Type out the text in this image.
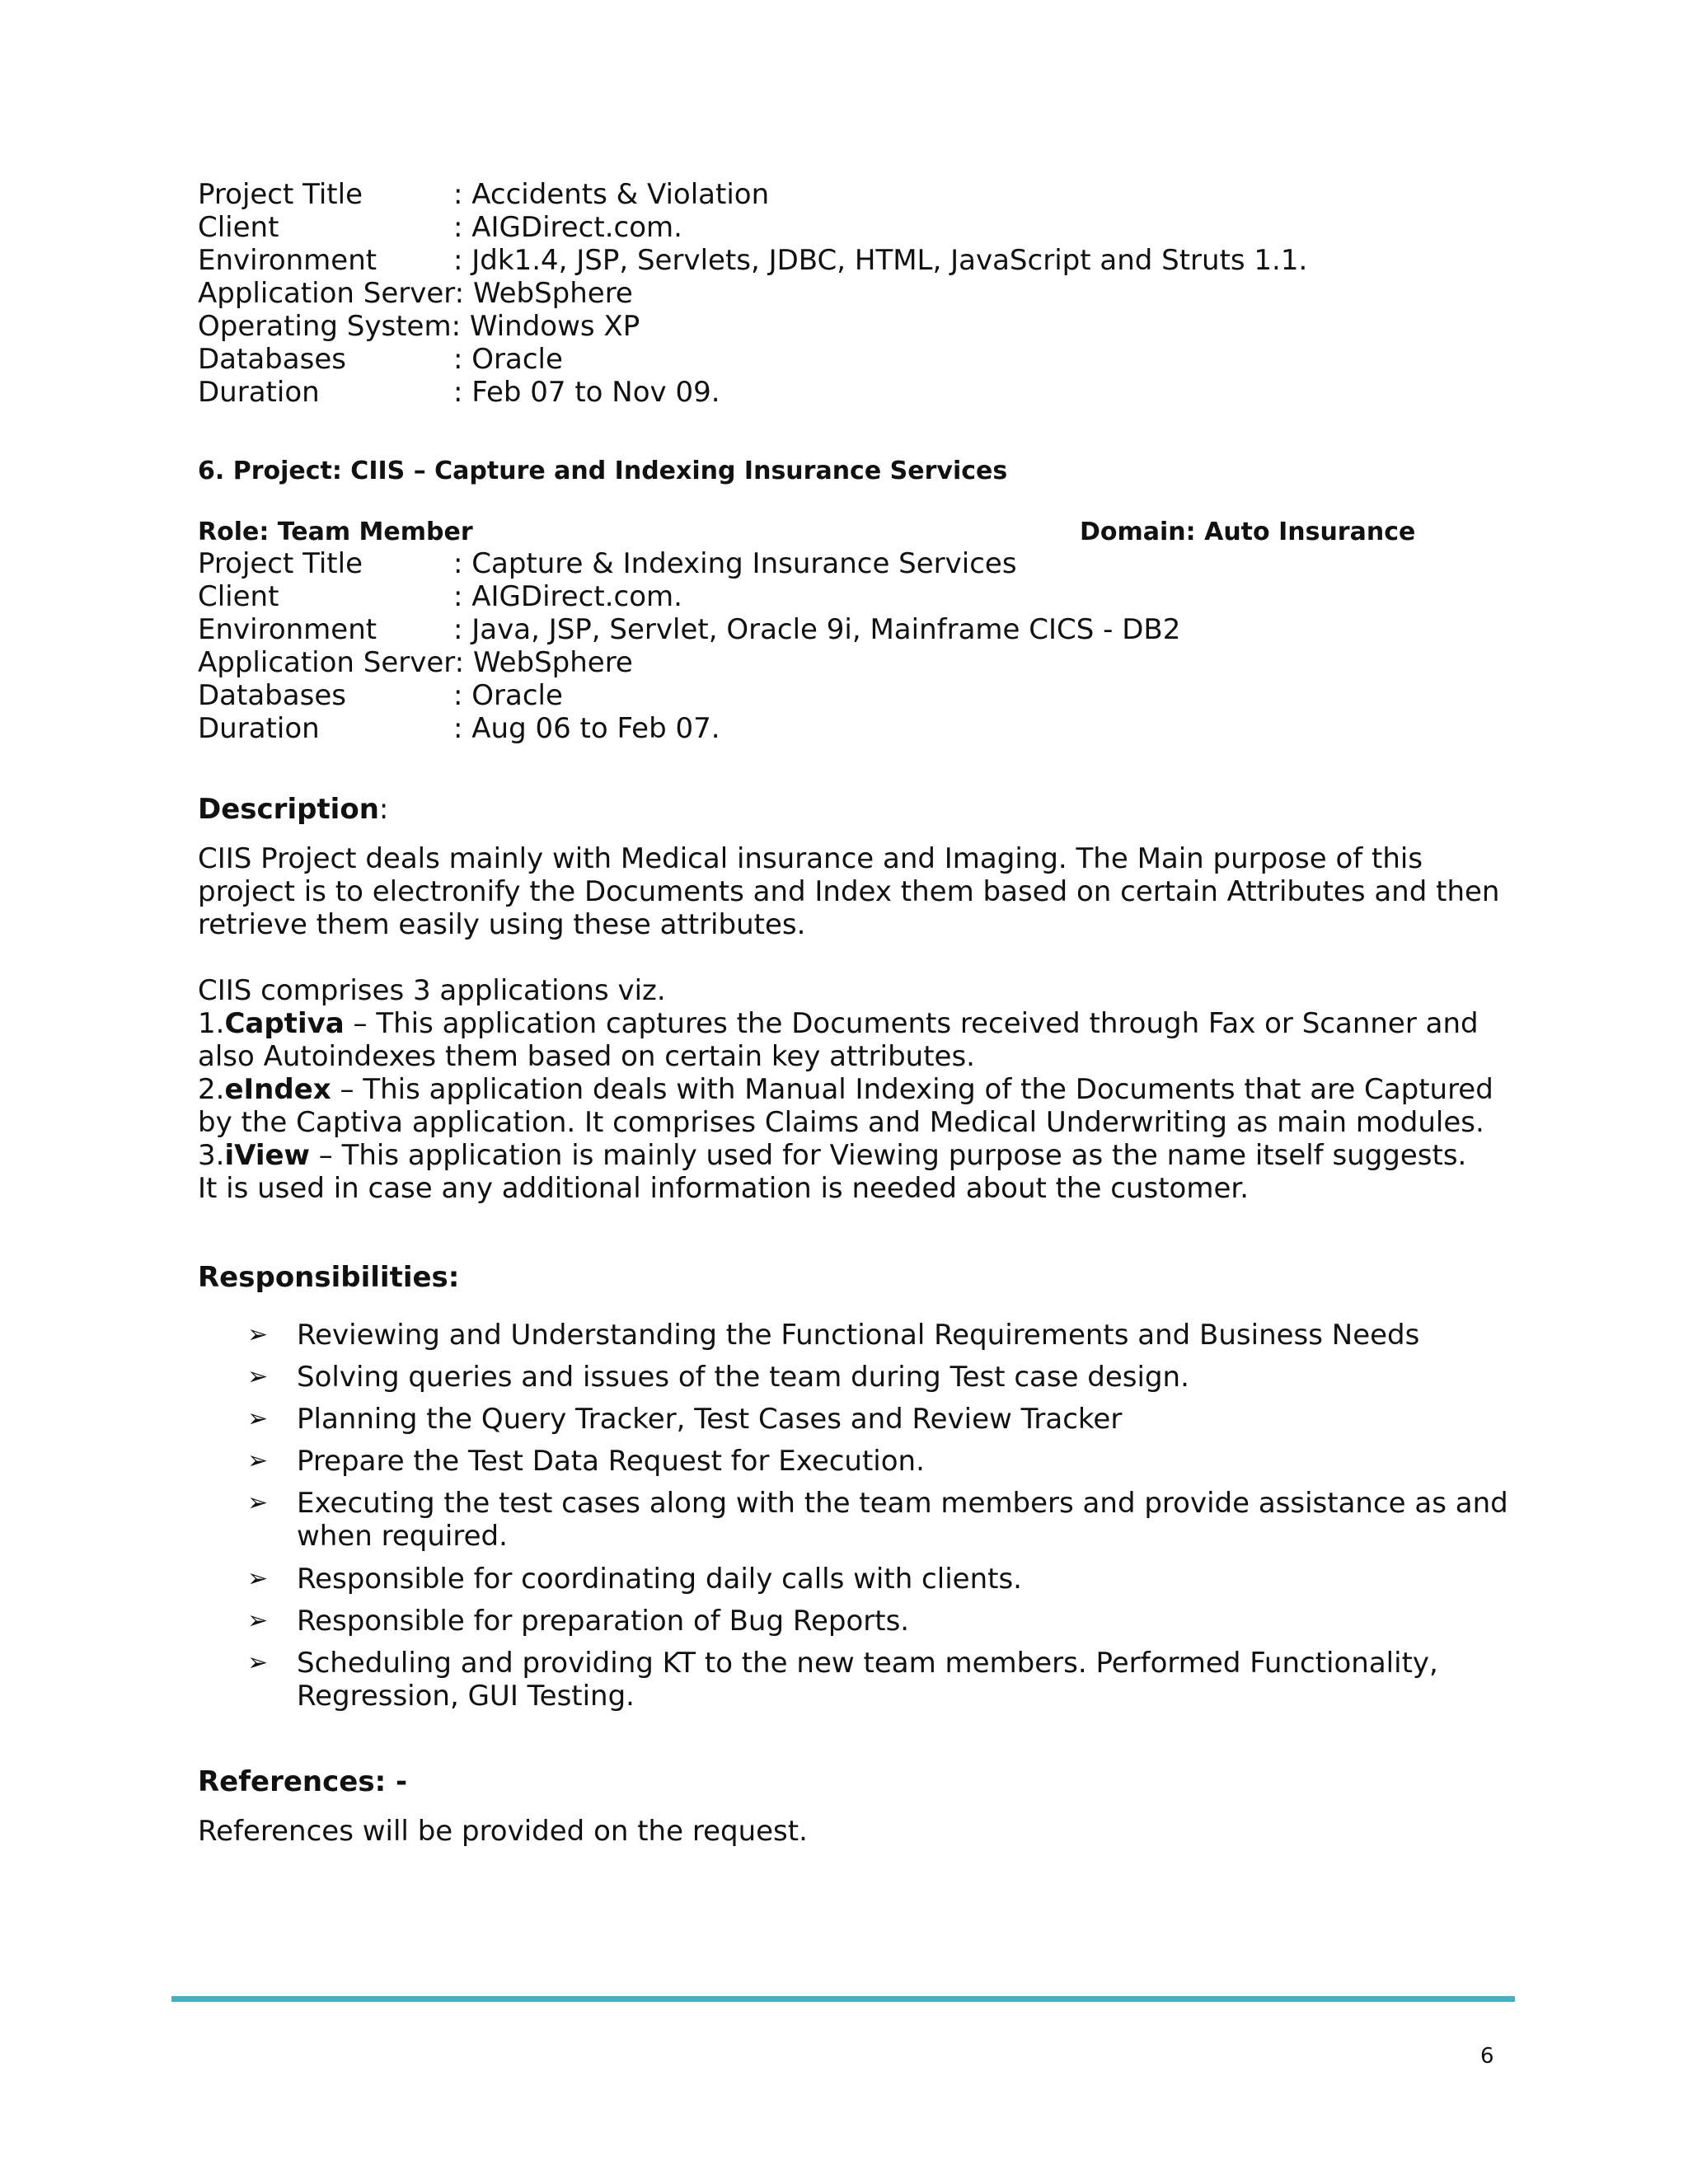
Project Title	: Accidents & Violation
Client	: AIGDirect.com.
Environment	: Jdk1.4, JSP, Servlets, JDBC, HTML, JavaScript and Struts 1.1.
Application Server: WebSphere
Operating System: Windows XP
Databases	: Oracle
Duration	: Feb 07 to Nov 09.
6. Project: CIIS – Capture and Indexing Insurance Services
Role: Team Member	Domain: Auto Insurance
Project Title	: Capture & Indexing Insurance Services
Client	: AIGDirect.com.
Environment	: Java, JSP, Servlet, Oracle 9i, Mainframe CICS - DB2
Application Server: WebSphere
Databases	: Oracle
Duration	: Aug 06 to Feb 07.
Description:
CIIS Project deals mainly with Medical insurance and Imaging. The Main purpose of this
project is to electronify the Documents and Index them based on certain Attributes and then
retrieve them easily using these attributes.
CIIS comprises 3 applications viz.
1.Captiva – This application captures the Documents received through Fax or Scanner and
also Autoindexes them based on certain key attributes.
2.eIndex – This application deals with Manual Indexing of the Documents that are Captured
by the Captiva application. It comprises Claims and Medical Underwriting as main modules.
3.iView – This application is mainly used for Viewing purpose as the name itself suggests.
It is used in case any additional information is needed about the customer.
Responsibilities:
➢ Reviewing and Understanding the Functional Requirements and Business Needs
➢ Solving queries and issues of the team during Test case design.
➢ Planning the Query Tracker, Test Cases and Review Tracker
➢ Prepare the Test Data Request for Execution.
➢ Executing the test cases along with the team members and provide assistance as and when required.
➢ Responsible for coordinating daily calls with clients.
➢ Responsible for preparation of Bug Reports.
➢ Scheduling and providing KT to the new team members. Performed Functionality, Regression, GUI Testing.
References: -
References will be provided on the request.
6
